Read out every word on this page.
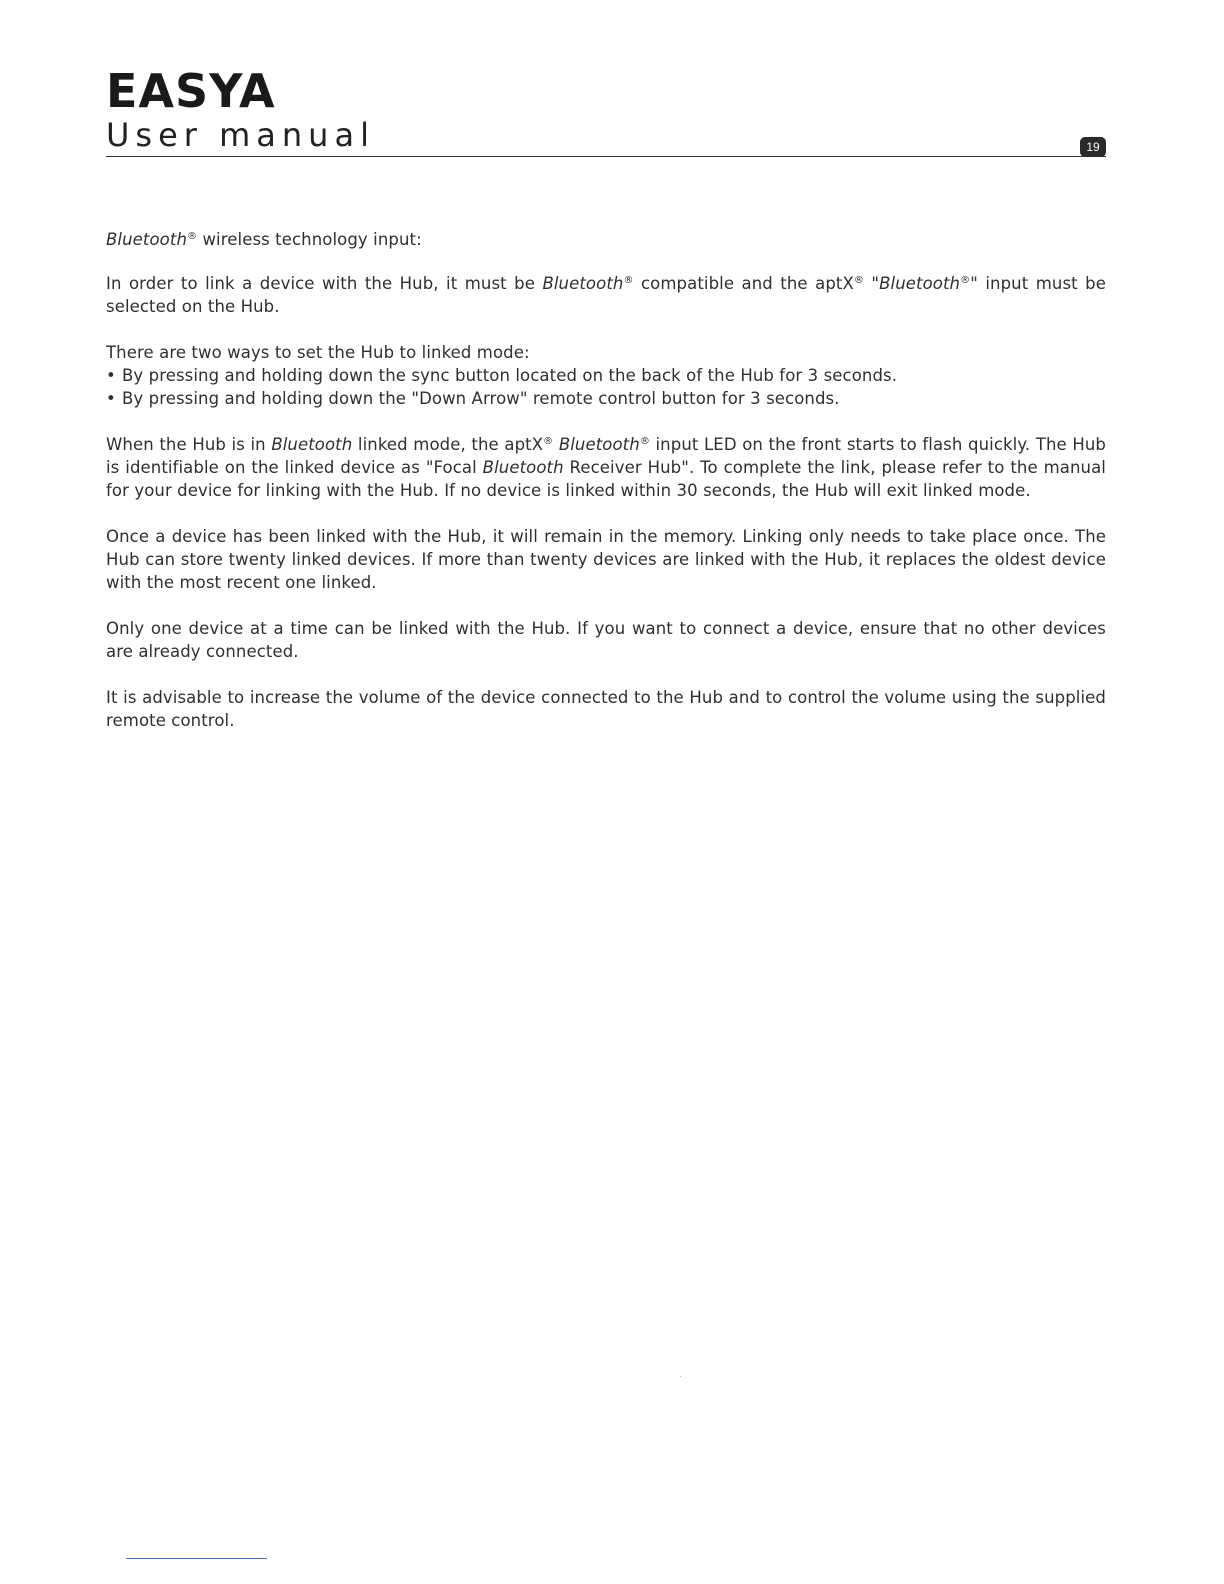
EASYA
User manual	19

Bluetooth® wireless technology input:

In order to link a device with the Hub, it must be Bluetooth® compatible and the aptX® "Bluetooth®" input must be selected on the Hub.

There are two ways to set the Hub to linked mode:

• By pressing and holding down the sync button located on the back of the Hub for 3 seconds.
• By pressing and holding down the "Down Arrow" remote control button for 3 seconds.

When the Hub is in Bluetooth linked mode, the aptX® Bluetooth® input LED on the front starts to flash quickly. The Hub is identifiable on the linked device as "Focal Bluetooth Receiver Hub". To complete the link, please refer to the manual for your device for linking with the Hub. If no device is linked within 30 seconds, the Hub will exit linked mode.

Once a device has been linked with the Hub, it will remain in the memory. Linking only needs to take place once. The Hub can store twenty linked devices. If more than twenty devices are linked with the Hub, it replaces the oldest device with the most recent one linked.

Only one device at a time can be linked with the Hub. If you want to connect a device, ensure that no other devices are already connected.

It is advisable to increase the volume of the device connected to the Hub and to control the volume using the supplied remote control.
